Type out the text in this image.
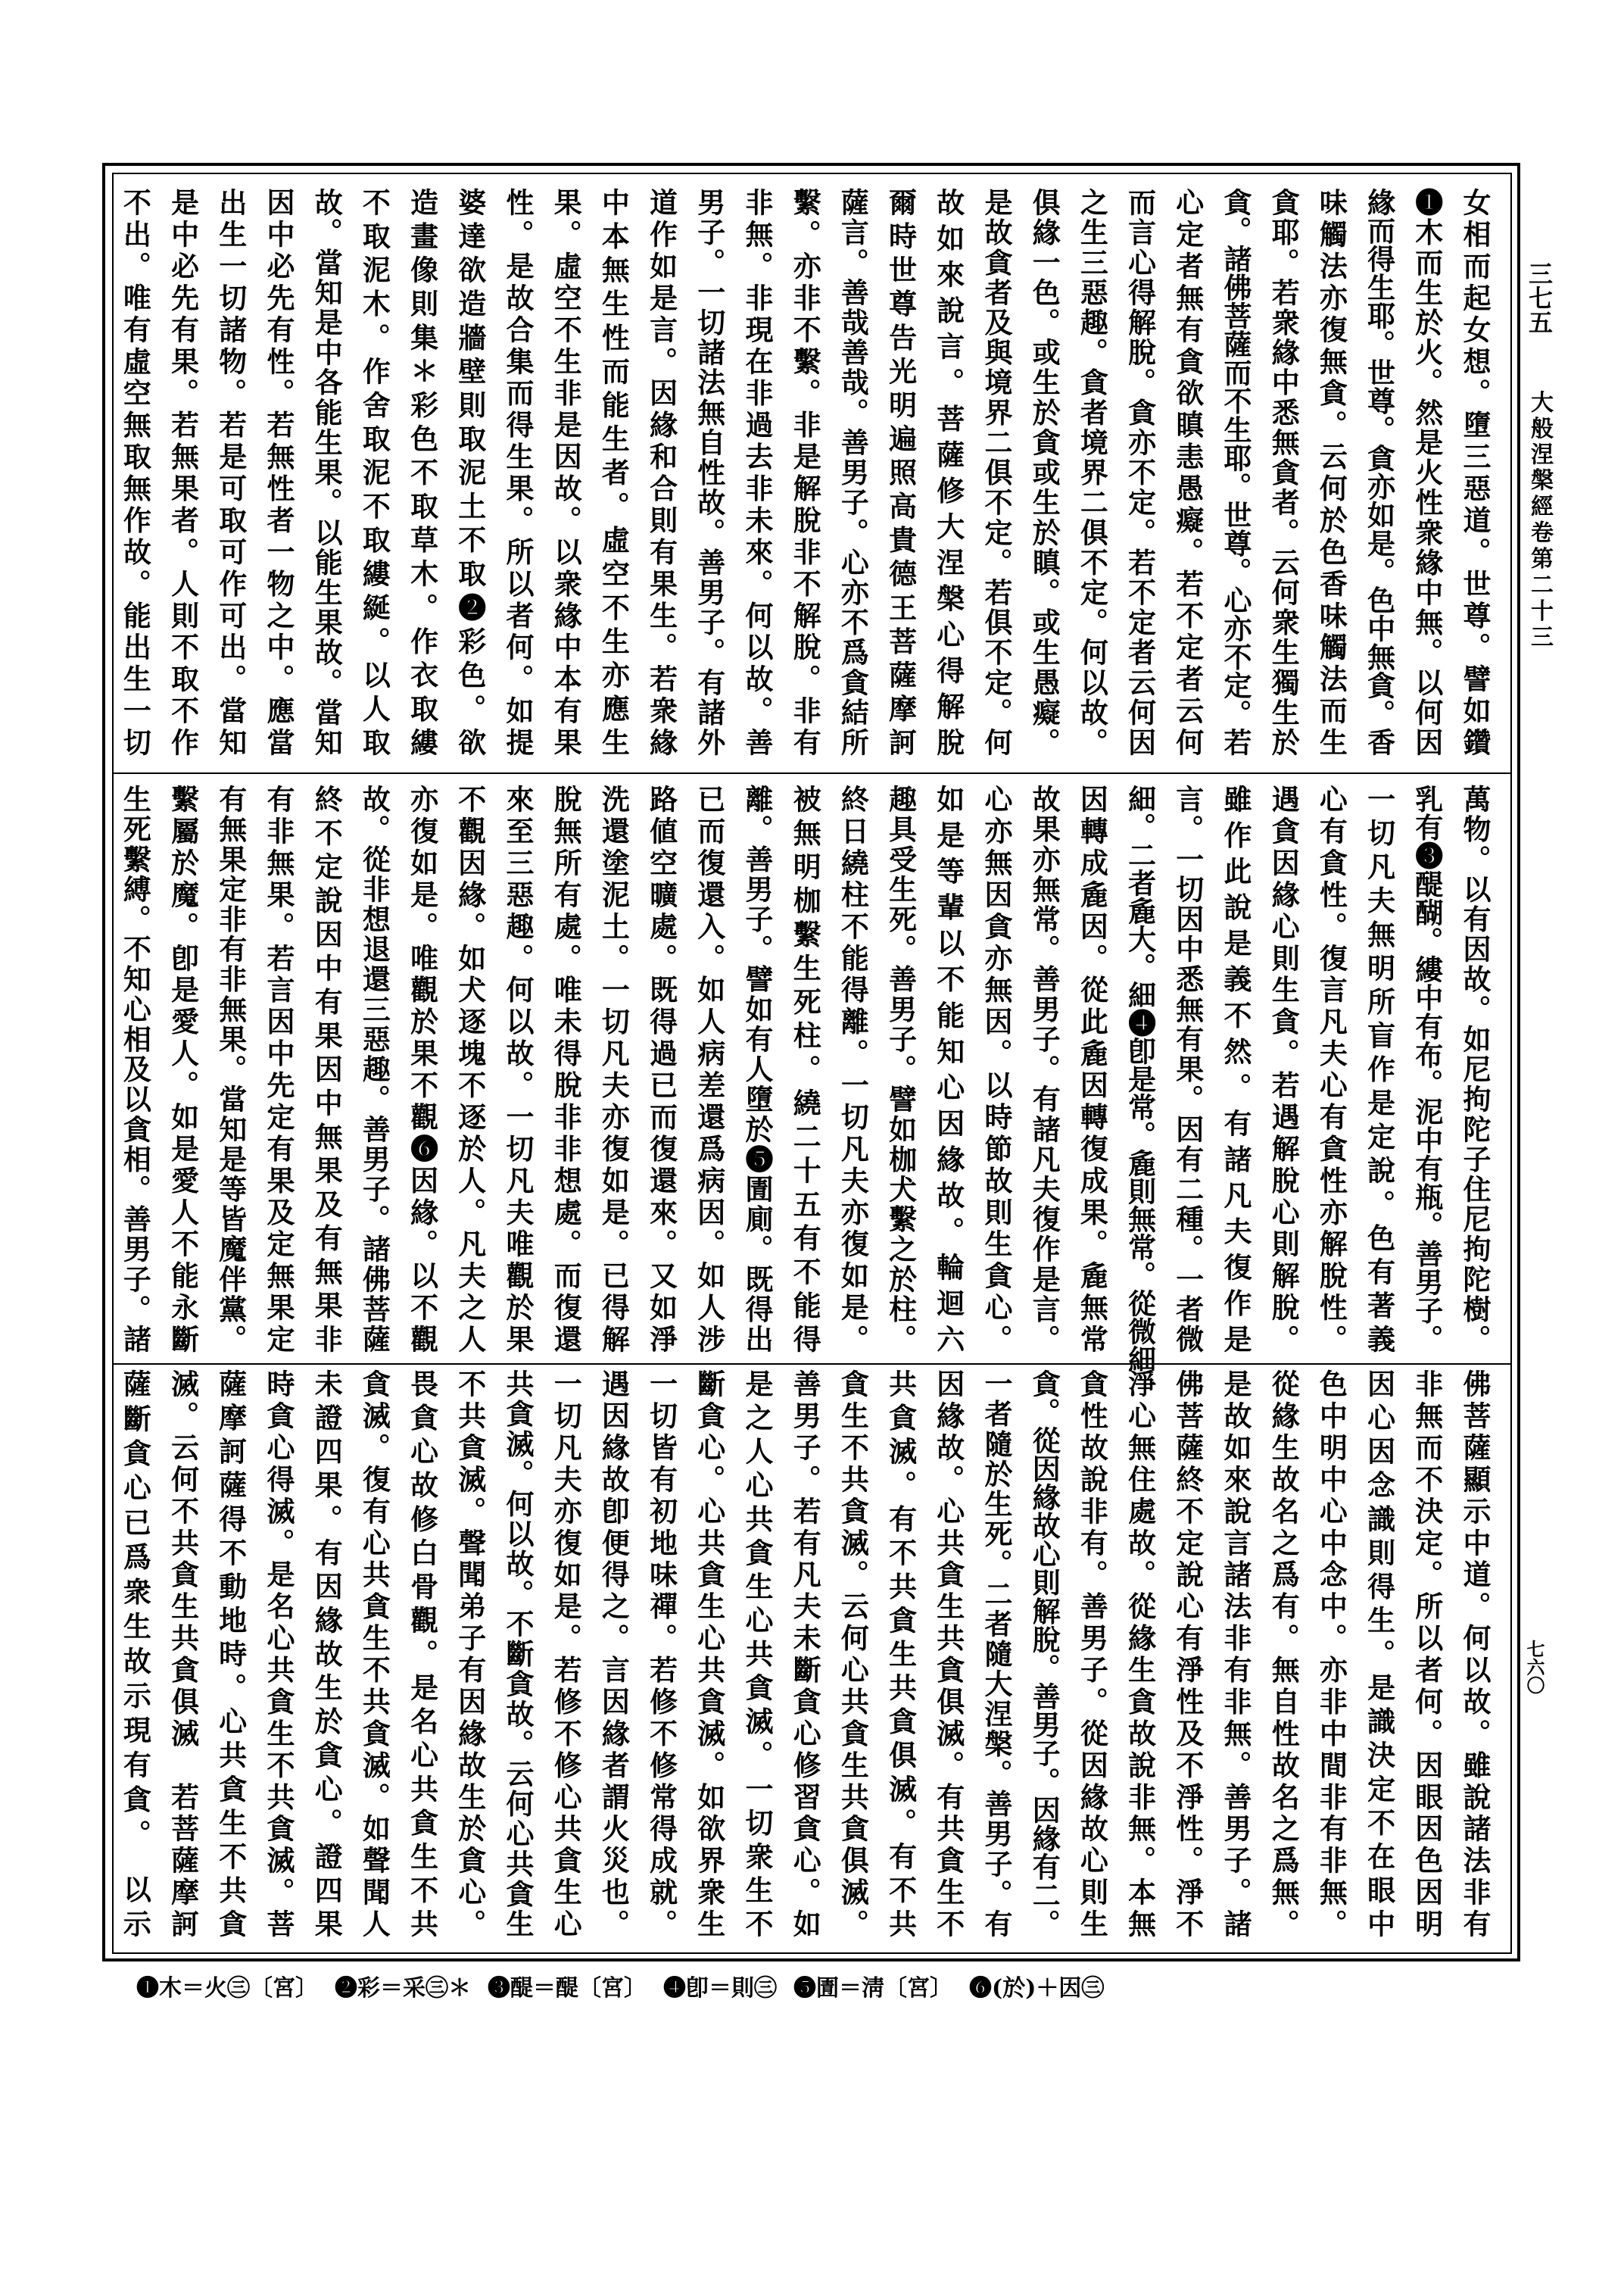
三七五
大般涅槃經卷第二十三
七六〇
女相而起女想。墮三惡道。世尊。譬如鑽
❶木而生於火。然是火性衆緣中無。以何因
緣而得生耶。世尊。貪亦如是。色中無貪。香
味觸法亦復無貪。云何於色香味觸法而生
貪耶。若衆緣中悉無貪者。云何衆生獨生於
貪。諸佛菩薩而不生耶。世尊。心亦不定。若
心定者無有貪欲瞋恚愚癡。若不定者云何
而言心得解脫。貪亦不定。若不定者云何因
之生三惡趣。貪者境界二俱不定。何以故。
俱緣一色。或生於貪或生於瞋。或生愚癡。
是故貪者及與境界二俱不定。若俱不定。何
故如來說言。菩薩修大涅槃心得解脫
爾時世尊告光明遍照高貴德王菩薩摩訶
薩言。善哉善哉。善男子。心亦不爲貪結所
繫。亦非不繫。非是解脫非不解脫。非有
非無。非現在非過去非未來。何以故。善
男子。一切諸法無自性故。善男子。有諸外
道作如是言。因緣和合則有果生。若衆緣
中本無生性而能生者。虛空不生亦應生
果。虛空不生非是因故。以衆緣中本有果
性。是故合集而得生果。所以者何。如提
婆達欲造牆壁則取泥土不取❷彩色。欲
造畫像則集＊彩色不取草木。作衣取縷
不取泥木。作舍取泥不取縷綖。以人取
故。當知是中各能生果。以能生果故。當知
因中必先有性。若無性者一物之中。應當
出生一切諸物。若是可取可作可出。當知
是中必先有果。若無果者。人則不取不作
不出。唯有虛空無取無作故。能出生一切
萬物。以有因故。如尼拘陀子住尼拘陀樹。
乳有❸醍醐。縷中有布。泥中有瓶。善男子。
一切凡夫無明所盲作是定說。色有著義
心有貪性。復言凡夫心有貪性亦解脫性。
遇貪因緣心則生貪。若遇解脫心則解脫。
雖作此說是義不然。有諸凡夫復作是
言。一切因中悉無有果。因有二種。一者微
細。二者麁大。細❹卽是常。麁則無常。從微細
因轉成麁因。從此麁因轉復成果。麁無常
故果亦無常。善男子。有諸凡夫復作是言。
心亦無因貪亦無因。以時節故則生貪心。
如是等輩以不能知心因緣故。輪迴六
趣具受生死。善男子。譬如枷犬繫之於柱。
終日繞柱不能得離。一切凡夫亦復如是。
被無明枷繫生死柱。繞二十五有不能得
離。善男子。譬如有人墮於❺圊廁。既得出
已而復還入。如人病差還爲病因。如人涉
路値空曠處。既得過已而復還來。又如淨
洗還塗泥土。一切凡夫亦復如是。已得解
脫無所有處。唯未得脫非非想處。而復還
來至三惡趣。何以故。一切凡夫唯觀於果
不觀因緣。如犬逐塊不逐於人。凡夫之人
亦復如是。唯觀於果不觀❻因緣。以不觀
故。從非想退還三惡趣。善男子。諸佛菩薩
終不定說因中有果因中無果及有無果非
有非無果。若言因中先定有果及定無果定
有無果定非有非無果。當知是等皆魔伴黨。
繫屬於魔。卽是愛人。如是愛人不能永斷
生死繫縛。不知心相及以貪相。善男子。諸
佛菩薩顯示中道。何以故。雖說諸法非有
非無而不決定。所以者何。因眼因色因明
因心因念識則得生。是識決定不在眼中
色中明中心中念中。亦非中間非有非無。
從緣生故名之爲有。無自性故名之爲無。
是故如來說言諸法非有非無。善男子。諸
佛菩薩終不定說心有淨性及不淨性。淨不
淨心無住處故。從緣生貪故說非無。本無
貪性故說非有。善男子。從因緣故心則生
貪。從因緣故心則解脫。善男子。因緣有二。
一者隨於生死。二者隨大涅槃。善男子。有
因緣故。心共貪生共貪俱滅。有共貪生不
共貪滅。有不共貪生共貪俱滅。有不共
貪生不共貪滅。云何心共貪生共貪俱滅。
善男子。若有凡夫未斷貪心修習貪心。如
是之人心共貪生心共貪滅。一切衆生不
斷貪心。心共貪生心共貪滅。如欲界衆生
一切皆有初地味禪。若修不修常得成就。
遇因緣故卽便得之。言因緣者謂火災也。
一切凡夫亦復如是。若修不修心共貪生心
共貪滅。何以故。不斷貪故。云何心共貪生
不共貪滅。聲聞弟子有因緣故生於貪心。
畏貪心故修白骨觀。是名心共貪生不共
貪滅。復有心共貪生不共貪滅。如聲聞人
未證四果。有因緣故生於貪心。證四果
時貪心得滅。是名心共貪生不共貪滅。菩
薩摩訶薩得不動地時。心共貪生不共貪
滅。云何不共貪生共貪俱滅　若菩薩摩訶
薩斷貪心已爲衆生故示現有貪。　以示
❶木＝火㊂〔宮〕 ❷彩＝采㊂＊ ❸醍＝醍〔宮〕 ❹卽＝則㊂ ❺圊＝淸〔宮〕 ❻(於)＋因㊂
